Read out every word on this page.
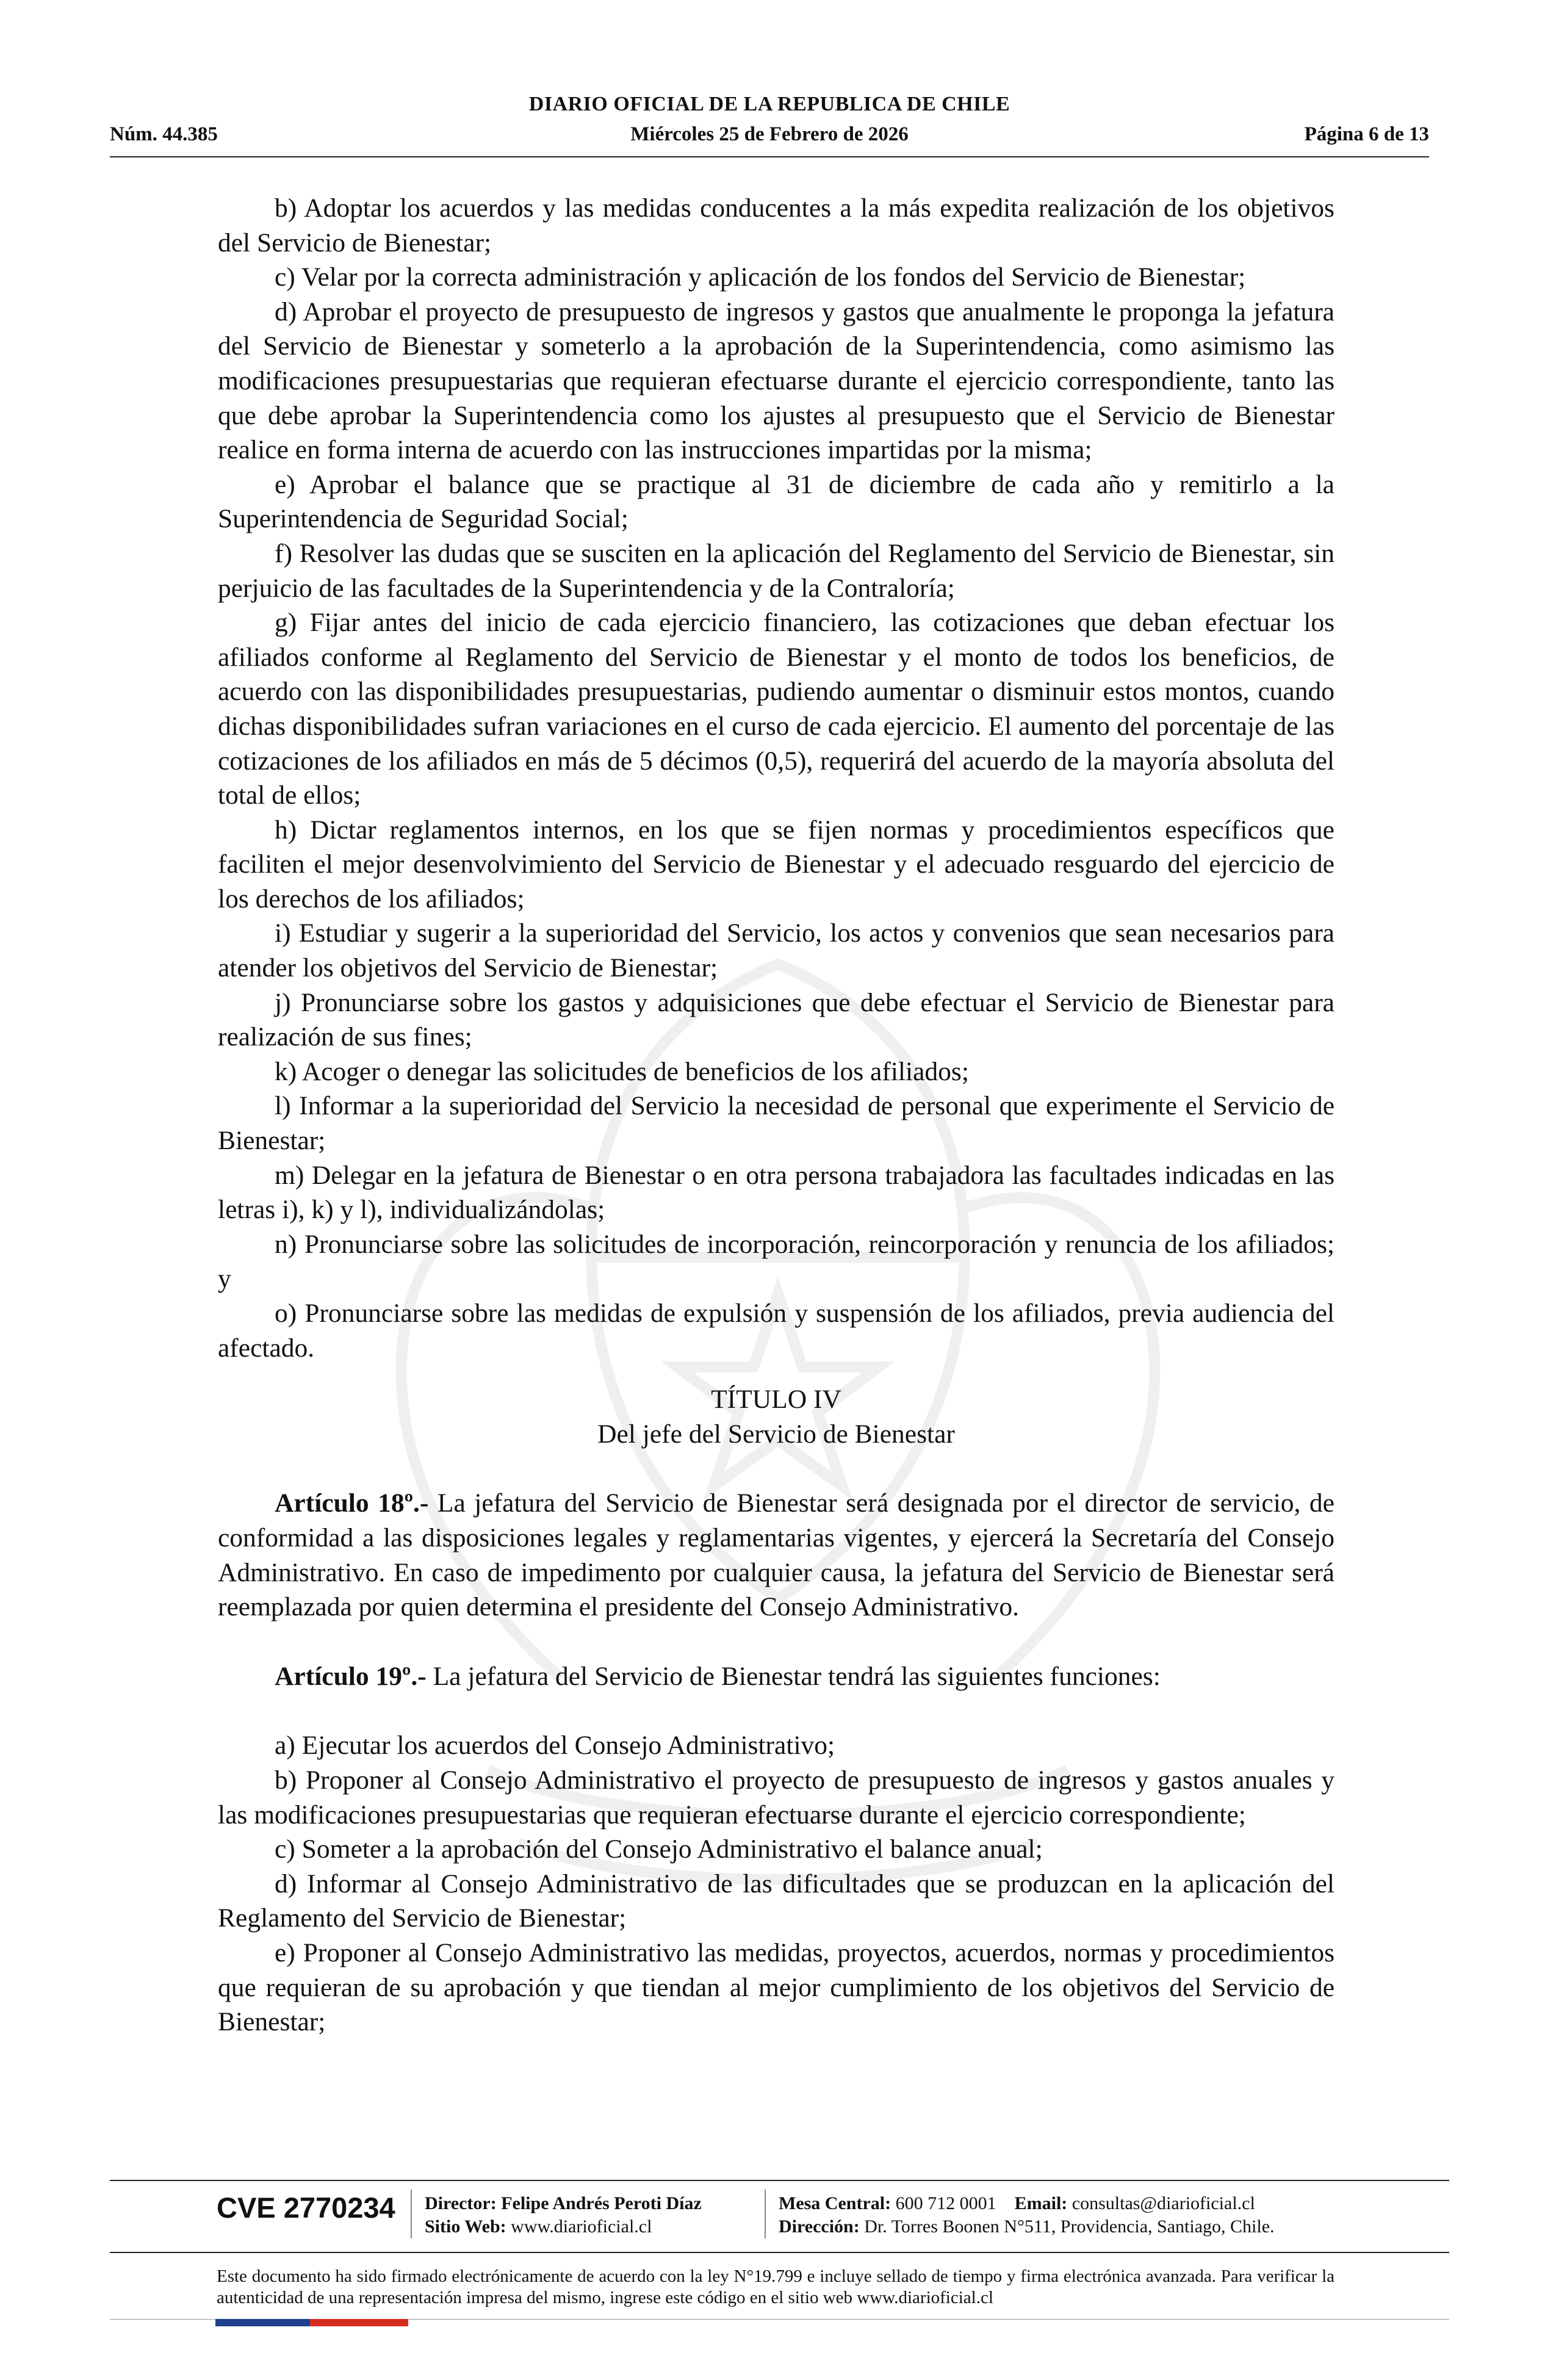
DIARIO OFICIAL DE LA REPUBLICA DE CHILE
Núm. 44.385	Miércoles 25 de Febrero de 2026	Página 6 de 13

b) Adoptar los acuerdos y las medidas conducentes a la más expedita realización de los objetivos del Servicio de Bienestar;

c) Velar por la correcta administración y aplicación de los fondos del Servicio de Bienestar;

d) Aprobar el proyecto de presupuesto de ingresos y gastos que anualmente le proponga la jefatura del Servicio de Bienestar y someterlo a la aprobación de la Superintendencia, como asimismo las modificaciones presupuestarias que requieran efectuarse durante el ejercicio correspondiente, tanto las que debe aprobar la Superintendencia como los ajustes al presupuesto que el Servicio de Bienestar realice en forma interna de acuerdo con las instrucciones impartidas por la misma;

e) Aprobar el balance que se practique al 31 de diciembre de cada año y remitirlo a la Superintendencia de Seguridad Social;

f) Resolver las dudas que se susciten en la aplicación del Reglamento del Servicio de Bienestar, sin perjuicio de las facultades de la Superintendencia y de la Contraloría;

g) Fijar antes del inicio de cada ejercicio financiero, las cotizaciones que deban efectuar los afiliados conforme al Reglamento del Servicio de Bienestar y el monto de todos los beneficios, de acuerdo con las disponibilidades presupuestarias, pudiendo aumentar o disminuir estos montos, cuando dichas disponibilidades sufran variaciones en el curso de cada ejercicio. El aumento del porcentaje de las cotizaciones de los afiliados en más de 5 décimos (0,5), requerirá del acuerdo de la mayoría absoluta del total de ellos;

h) Dictar reglamentos internos, en los que se fijen normas y procedimientos específicos que faciliten el mejor desenvolvimiento del Servicio de Bienestar y el adecuado resguardo del ejercicio de los derechos de los afiliados;

i) Estudiar y sugerir a la superioridad del Servicio, los actos y convenios que sean necesarios para atender los objetivos del Servicio de Bienestar;

j) Pronunciarse sobre los gastos y adquisiciones que debe efectuar el Servicio de Bienestar para realización de sus fines;

k) Acoger o denegar las solicitudes de beneficios de los afiliados;

l) Informar a la superioridad del Servicio la necesidad de personal que experimente el Servicio de Bienestar;

m) Delegar en la jefatura de Bienestar o en otra persona trabajadora las facultades indicadas en las letras i), k) y l), individualizándolas;

n) Pronunciarse sobre las solicitudes de incorporación, reincorporación y renuncia de los afiliados; y

o) Pronunciarse sobre las medidas de expulsión y suspensión de los afiliados, previa audiencia del afectado.

TÍTULO IV

Del jefe del Servicio de Bienestar

Artículo 18º.- La jefatura del Servicio de Bienestar será designada por el director de servicio, de conformidad a las disposiciones legales y reglamentarias vigentes, y ejercerá la Secretaría del Consejo Administrativo. En caso de impedimento por cualquier causa, la jefatura del Servicio de Bienestar será reemplazada por quien determina el presidente del Consejo Administrativo.

Artículo 19º.- La jefatura del Servicio de Bienestar tendrá las siguientes funciones:

a) Ejecutar los acuerdos del Consejo Administrativo;

b) Proponer al Consejo Administrativo el proyecto de presupuesto de ingresos y gastos anuales y las modificaciones presupuestarias que requieran efectuarse durante el ejercicio correspondiente;

c) Someter a la aprobación del Consejo Administrativo el balance anual;

d) Informar al Consejo Administrativo de las dificultades que se produzcan en la aplicación del Reglamento del Servicio de Bienestar;

e) Proponer al Consejo Administrativo las medidas, proyectos, acuerdos, normas y procedimientos que requieran de su aprobación y que tiendan al mejor cumplimiento de los objetivos del Servicio de Bienestar;

CVE 2770234 Director: Felipe Andrés Peroti Díaz
Sitio Web: www.diarioficial.cl
Mesa Central: 600 712 0001 Email: consultas@diarioficial.cl
Dirección: Dr. Torres Boonen N°511, Providencia, Santiago, Chile.
Este documento ha sido firmado electrónicamente de acuerdo con la ley N°19.799 e incluye sellado de tiempo y firma electrónica avanzada. Para verificar la autenticidad de una representación impresa del mismo, ingrese este código en el sitio web www.diarioficial.cl
